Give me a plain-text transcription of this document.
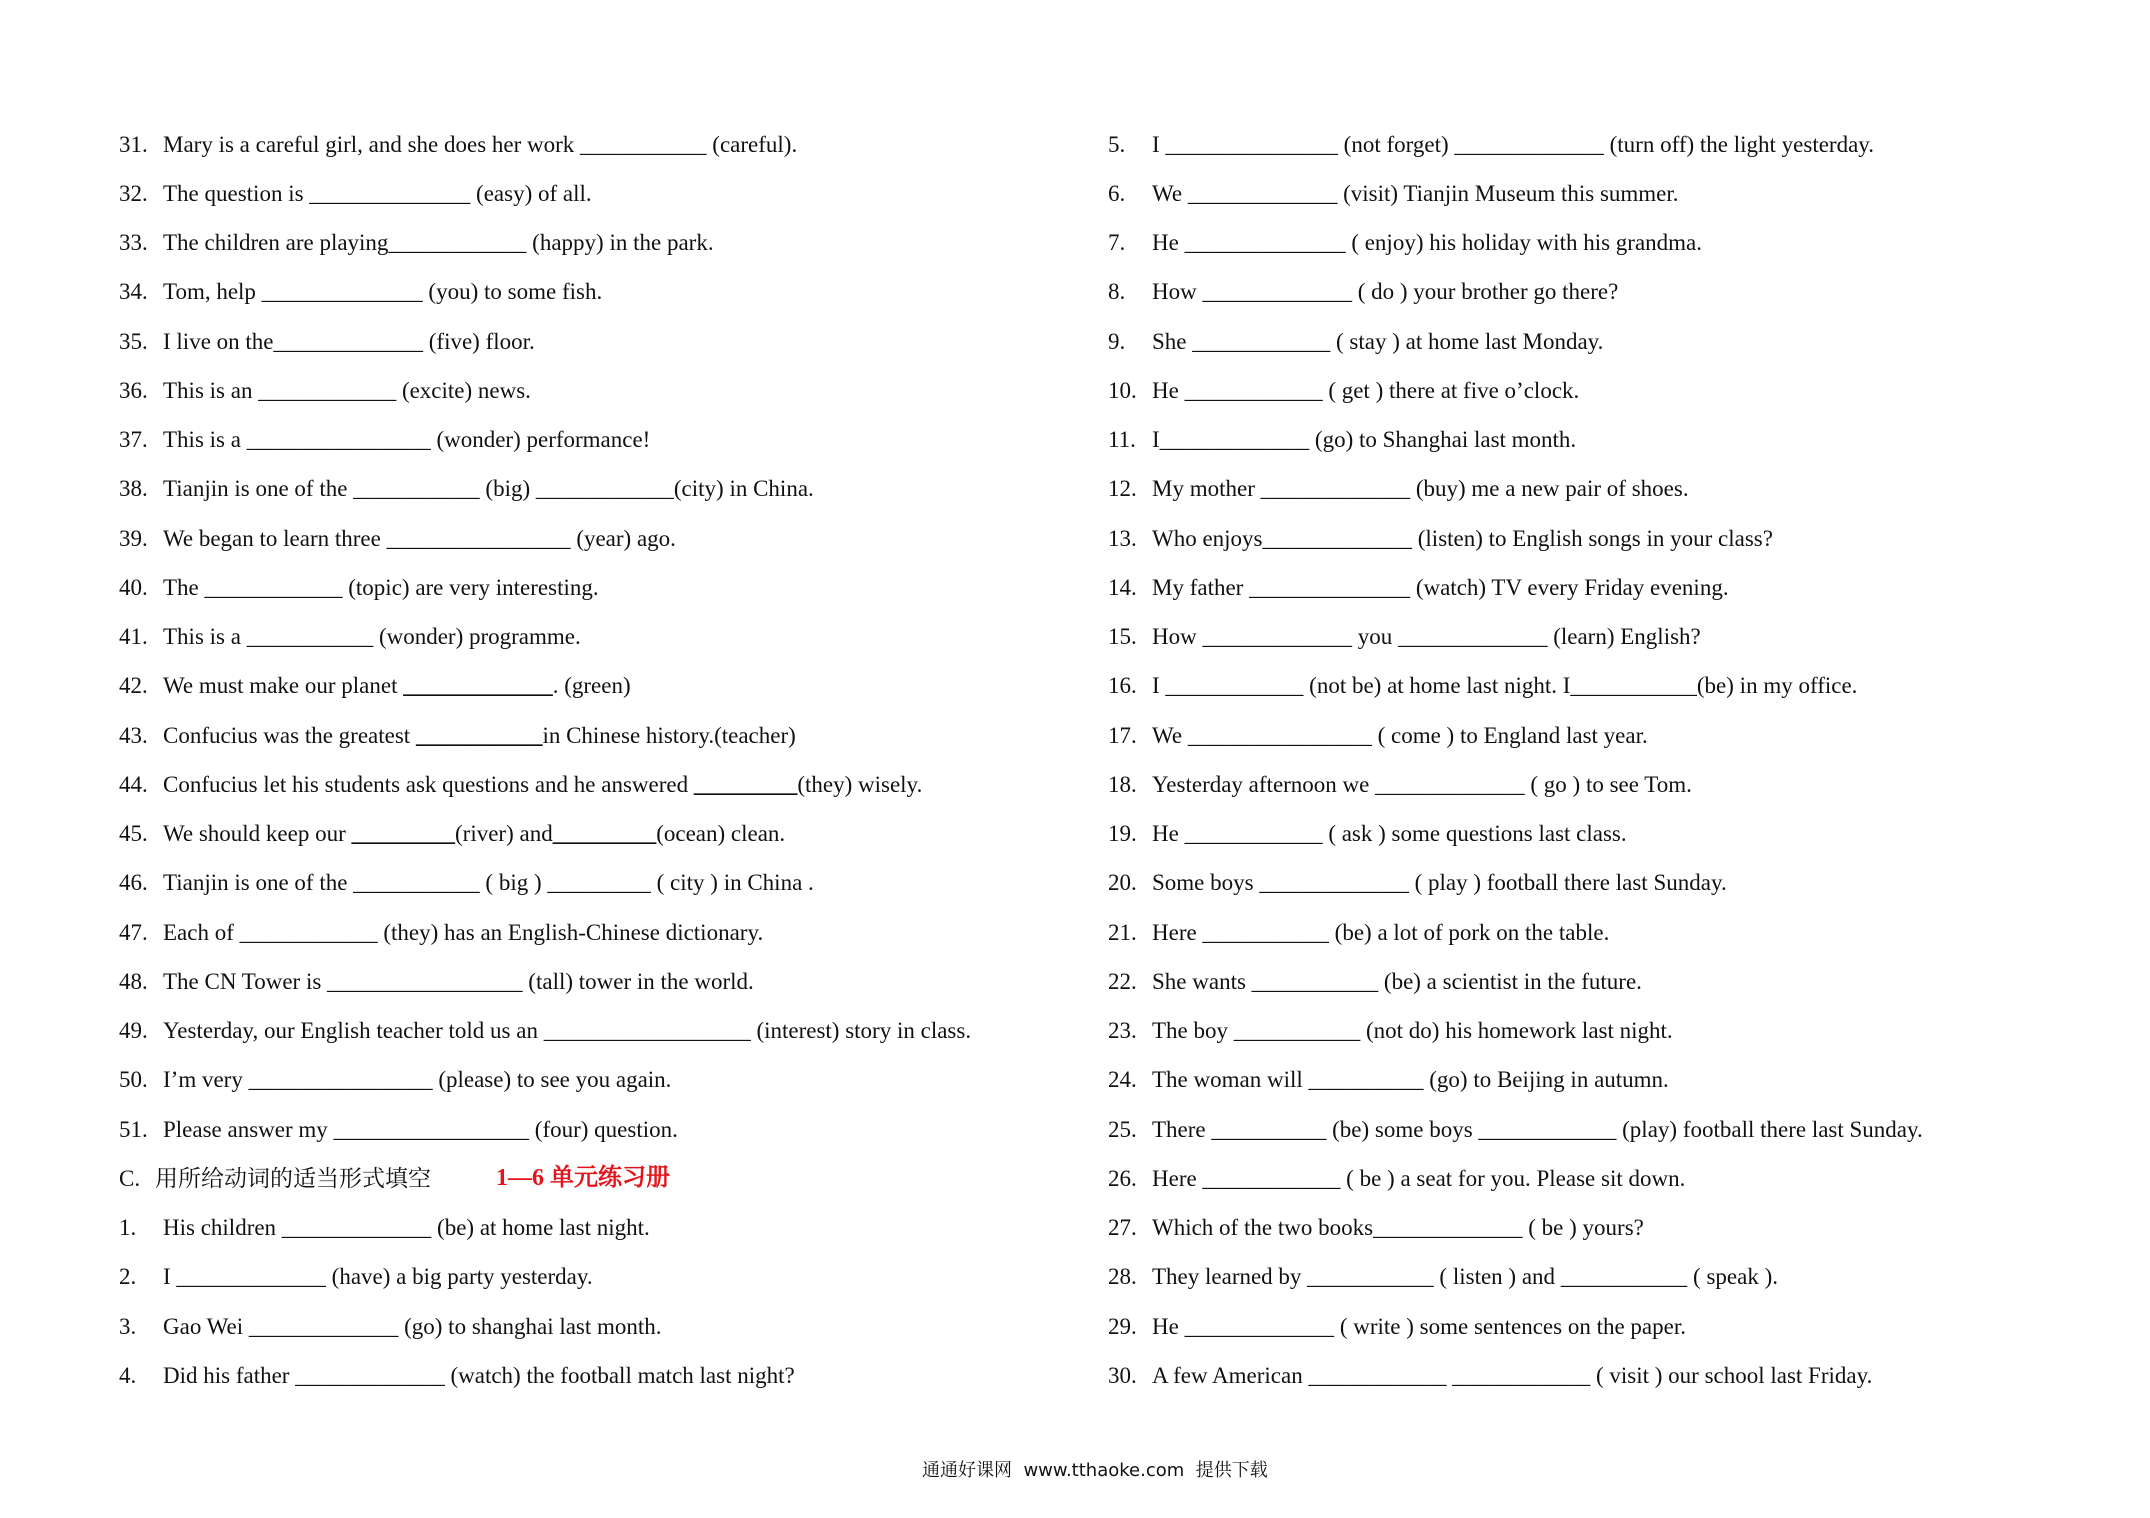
31. Mary is a careful girl, and she does her work ___________ (careful).
32. The question is ______________ (easy) of all.
33. The children are playing____________ (happy) in the park.
34. Tom, help ______________ (you) to some fish.
35. I live on the_____________ (five) floor.
36. This is an ____________ (excite) news.
37. This is a ________________ (wonder) performance!
38. Tianjin is one of the ___________ (big) ____________(city) in China.
39. We began to learn three ________________ (year) ago.
40. The ____________ (topic) are very interesting.
41. This is a ___________ (wonder) programme.
42. We must make our planet _____________. (green)
43. Confucius was the greatest ___________in Chinese history.(teacher)
44. Confucius let his students ask questions and he answered _________(they) wisely.
45. We should keep our _________(river) and_________(ocean) clean.
46. Tianjin is one of the ___________ ( big ) _________ ( city ) in China .
47. Each of ____________ (they) has an English-Chinese dictionary.
48. The CN Tower is _________________ (tall) tower in the world.
49. Yesterday, our English teacher told us an __________________ (interest) story in class.
50. I’m very ________________ (please) to see you again.
51. Please answer my _________________ (four) question.
C. 用所给动词的适当形式填空	1—6 单元练习册
1. His children _____________ (be) at home last night.
2. I _____________ (have) a big party yesterday.
3. Gao Wei _____________ (go) to shanghai last month.
4. Did his father _____________ (watch) the football match last night?
5. I _______________ (not forget) _____________ (turn off) the light yesterday.
6. We _____________ (visit) Tianjin Museum this summer.
7. He ______________ ( enjoy) his holiday with his grandma.
8. How _____________ ( do ) your brother go there?
9. She ____________ ( stay ) at home last Monday.
10. He ____________ ( get ) there at five o’clock.
11. I_____________ (go) to Shanghai last month.
12. My mother _____________ (buy) me a new pair of shoes.
13. Who enjoys_____________ (listen) to English songs in your class?
14. My father ______________ (watch) TV every Friday evening.
15. How _____________ you _____________ (learn) English?
16. I ____________ (not be) at home last night. I___________(be) in my office.
17. We ________________ ( come ) to England last year.
18. Yesterday afternoon we _____________ ( go ) to see Tom.
19. He ____________ ( ask ) some questions last class.
20. Some boys _____________ ( play ) football there last Sunday.
21. Here ___________ (be) a lot of pork on the table.
22. She wants ___________ (be) a scientist in the future.
23. The boy ___________ (not do) his homework last night.
24. The woman will __________ (go) to Beijing in autumn.
25. There __________ (be) some boys ____________ (play) football there last Sunday.
26. Here ____________ ( be ) a seat for you. Please sit down.
27. Which of the two books_____________ ( be ) yours?
28. They learned by ___________ ( listen ) and ___________ ( speak ).
29. He _____________ ( write ) some sentences on the paper.
30. A few American ____________ ____________ ( visit ) our school last Friday.
通通好课网  www.tthaoke.com  提供下载
